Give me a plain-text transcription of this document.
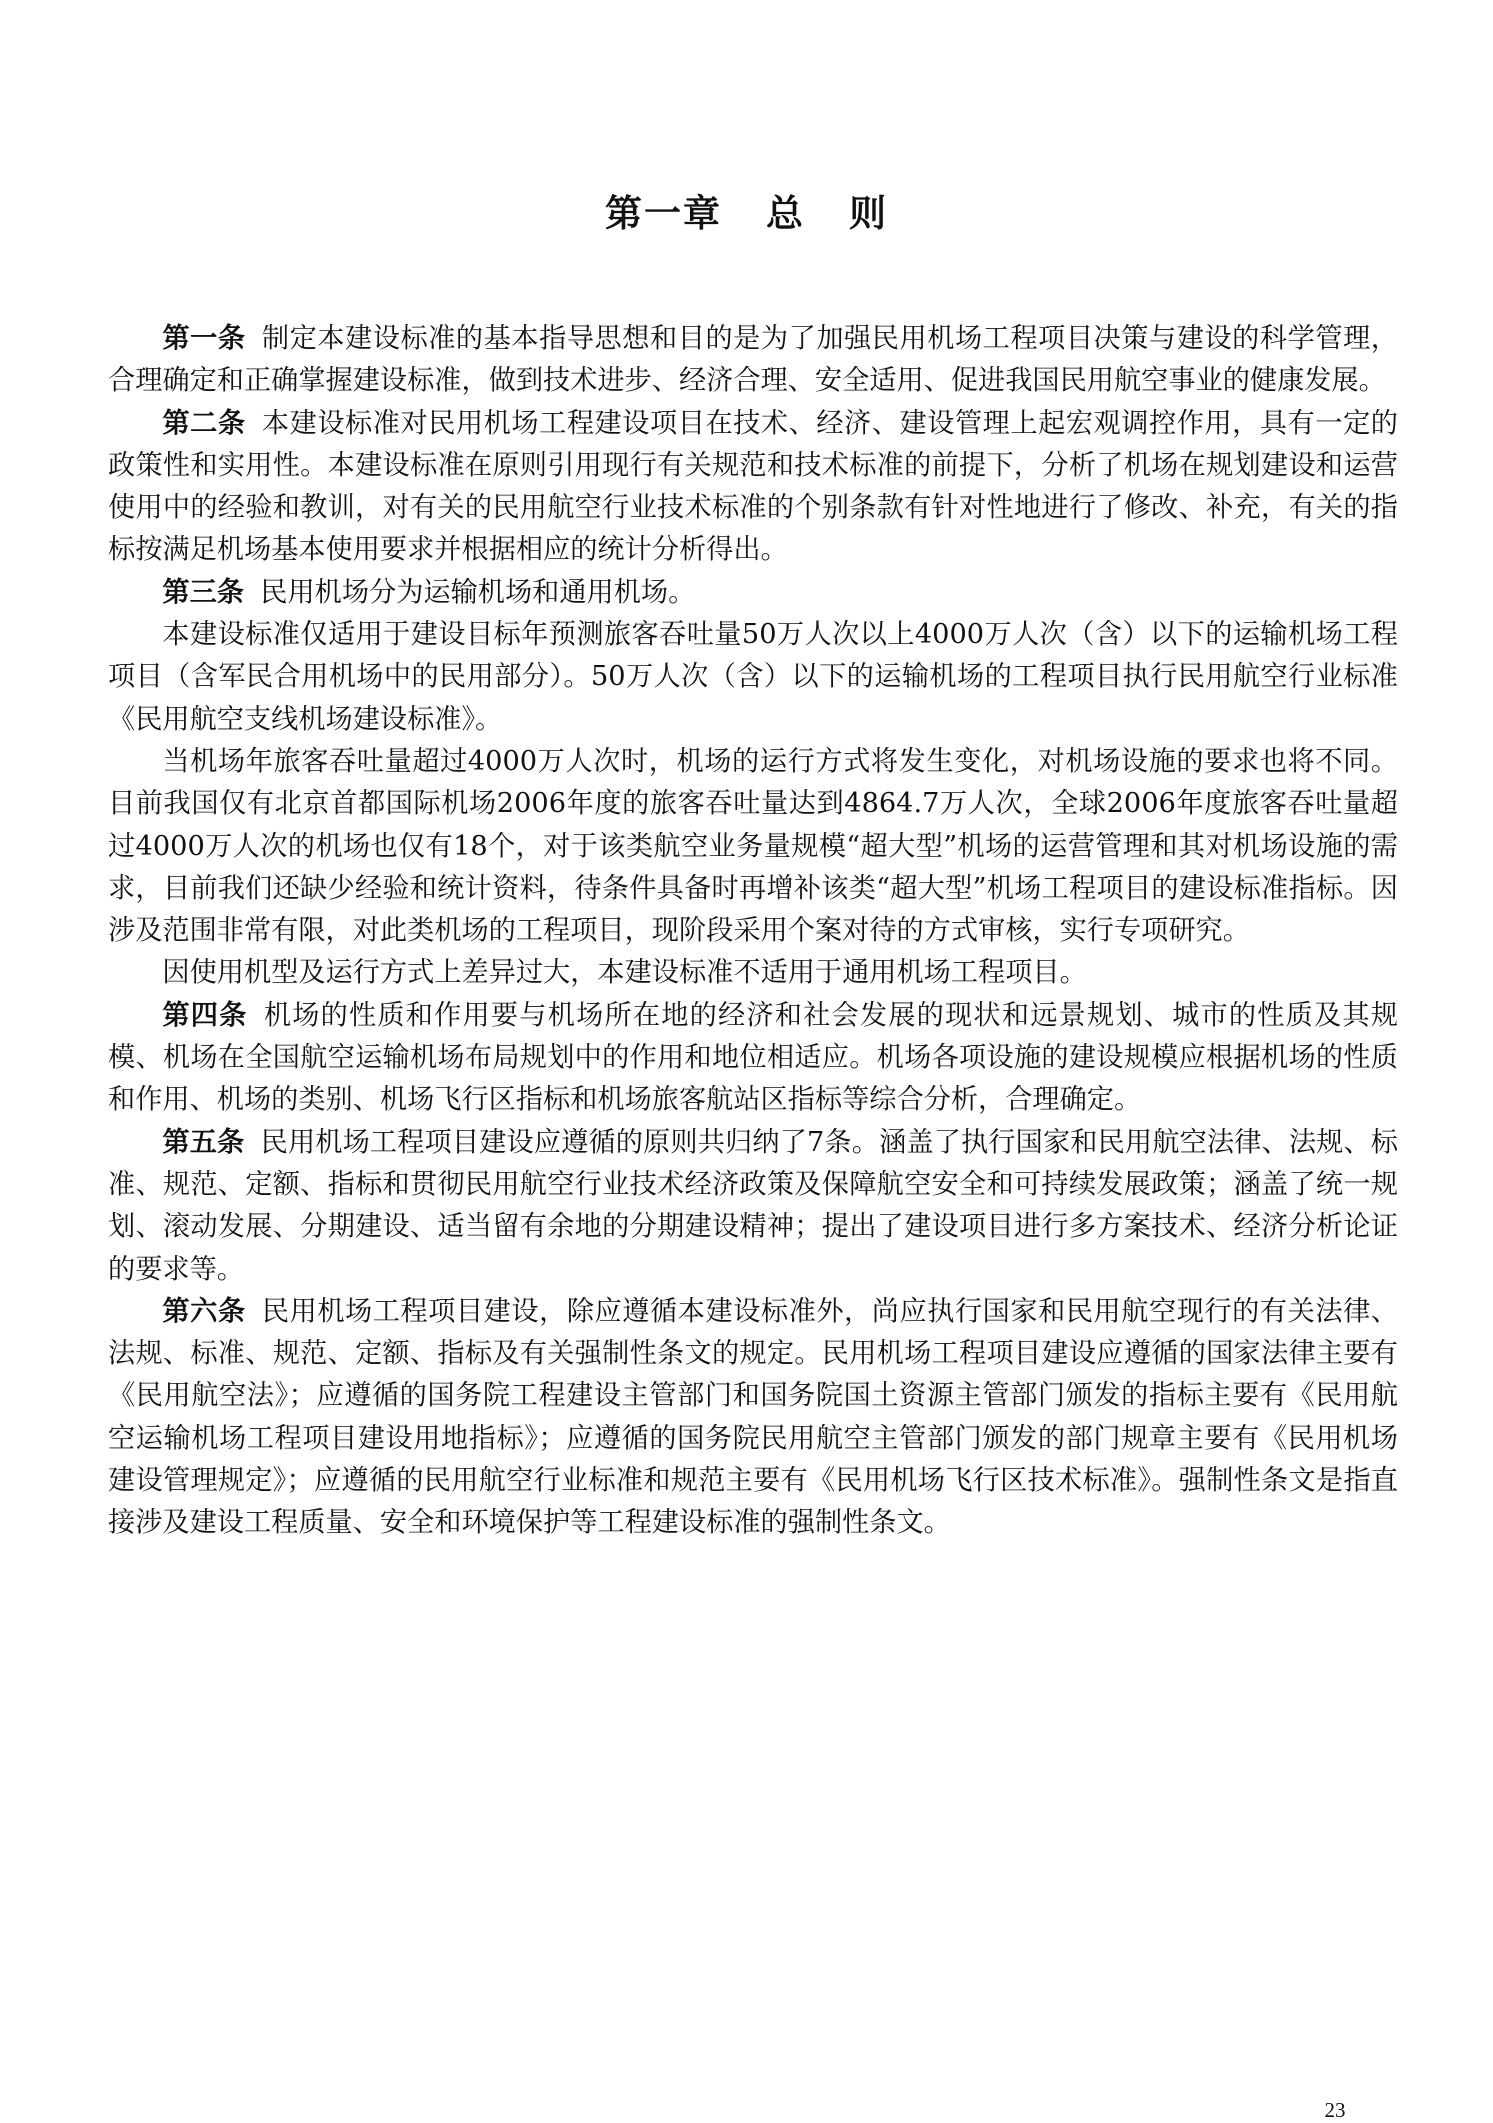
第一章 总 则

第一条 制定本建设标准的基本指导思想和目的是为了加强民用机场工程项目决策与建设的科学管理，合理确定和正确掌握建设标准，做到技术进步、经济合理、安全适用、促进我国民用航空事业的健康发展。

第二条 本建设标准对民用机场工程建设项目在技术、经济、建设管理上起宏观调控作用，具有一定的政策性和实用性。本建设标准在原则引用现行有关规范和技术标准的前提下，分析了机场在规划建设和运营使用中的经验和教训，对有关的民用航空行业技术标准的个别条款有针对性地进行了修改、补充，有关的指标按满足机场基本使用要求并根据相应的统计分析得出。

第三条 民用机场分为运输机场和通用机场。

本建设标准仅适用于建设目标年预测旅客吞吐量50万人次以上4000万人次（含）以下的运输机场工程项目（含军民合用机场中的民用部分）。50万人次（含）以下的运输机场的工程项目执行民用航空行业标准《民用航空支线机场建设标准》。

当机场年旅客吞吐量超过4000万人次时，机场的运行方式将发生变化，对机场设施的要求也将不同。目前我国仅有北京首都国际机场2006年度的旅客吞吐量达到4864.7万人次，全球2006年度旅客吞吐量超过4000万人次的机场也仅有18个，对于该类航空业务量规模“超大型”机场的运营管理和其对机场设施的需求，目前我们还缺少经验和统计资料，待条件具备时再增补该类“超大型”机场工程项目的建设标准指标。因涉及范围非常有限，对此类机场的工程项目，现阶段采用个案对待的方式审核，实行专项研究。

因使用机型及运行方式上差异过大，本建设标准不适用于通用机场工程项目。

第四条 机场的性质和作用要与机场所在地的经济和社会发展的现状和远景规划、城市的性质及其规模、机场在全国航空运输机场布局规划中的作用和地位相适应。机场各项设施的建设规模应根据机场的性质和作用、机场的类别、机场飞行区指标和机场旅客航站区指标等综合分析，合理确定。

第五条 民用机场工程项目建设应遵循的原则共归纳了7条。涵盖了执行国家和民用航空法律、法规、标准、规范、定额、指标和贯彻民用航空行业技术经济政策及保障航空安全和可持续发展政策；涵盖了统一规划、滚动发展、分期建设、适当留有余地的分期建设精神；提出了建设项目进行多方案技术、经济分析论证的要求等。

第六条 民用机场工程项目建设，除应遵循本建设标准外，尚应执行国家和民用航空现行的有关法律、法规、标准、规范、定额、指标及有关强制性条文的规定。民用机场工程项目建设应遵循的国家法律主要有《民用航空法》；应遵循的国务院工程建设主管部门和国务院国土资源主管部门颁发的指标主要有《民用航空运输机场工程项目建设用地指标》；应遵循的国务院民用航空主管部门颁发的部门规章主要有《民用机场建设管理规定》；应遵循的民用航空行业标准和规范主要有《民用机场飞行区技术标准》。强制性条文是指直接涉及建设工程质量、安全和环境保护等工程建设标准的强制性条文。

23
